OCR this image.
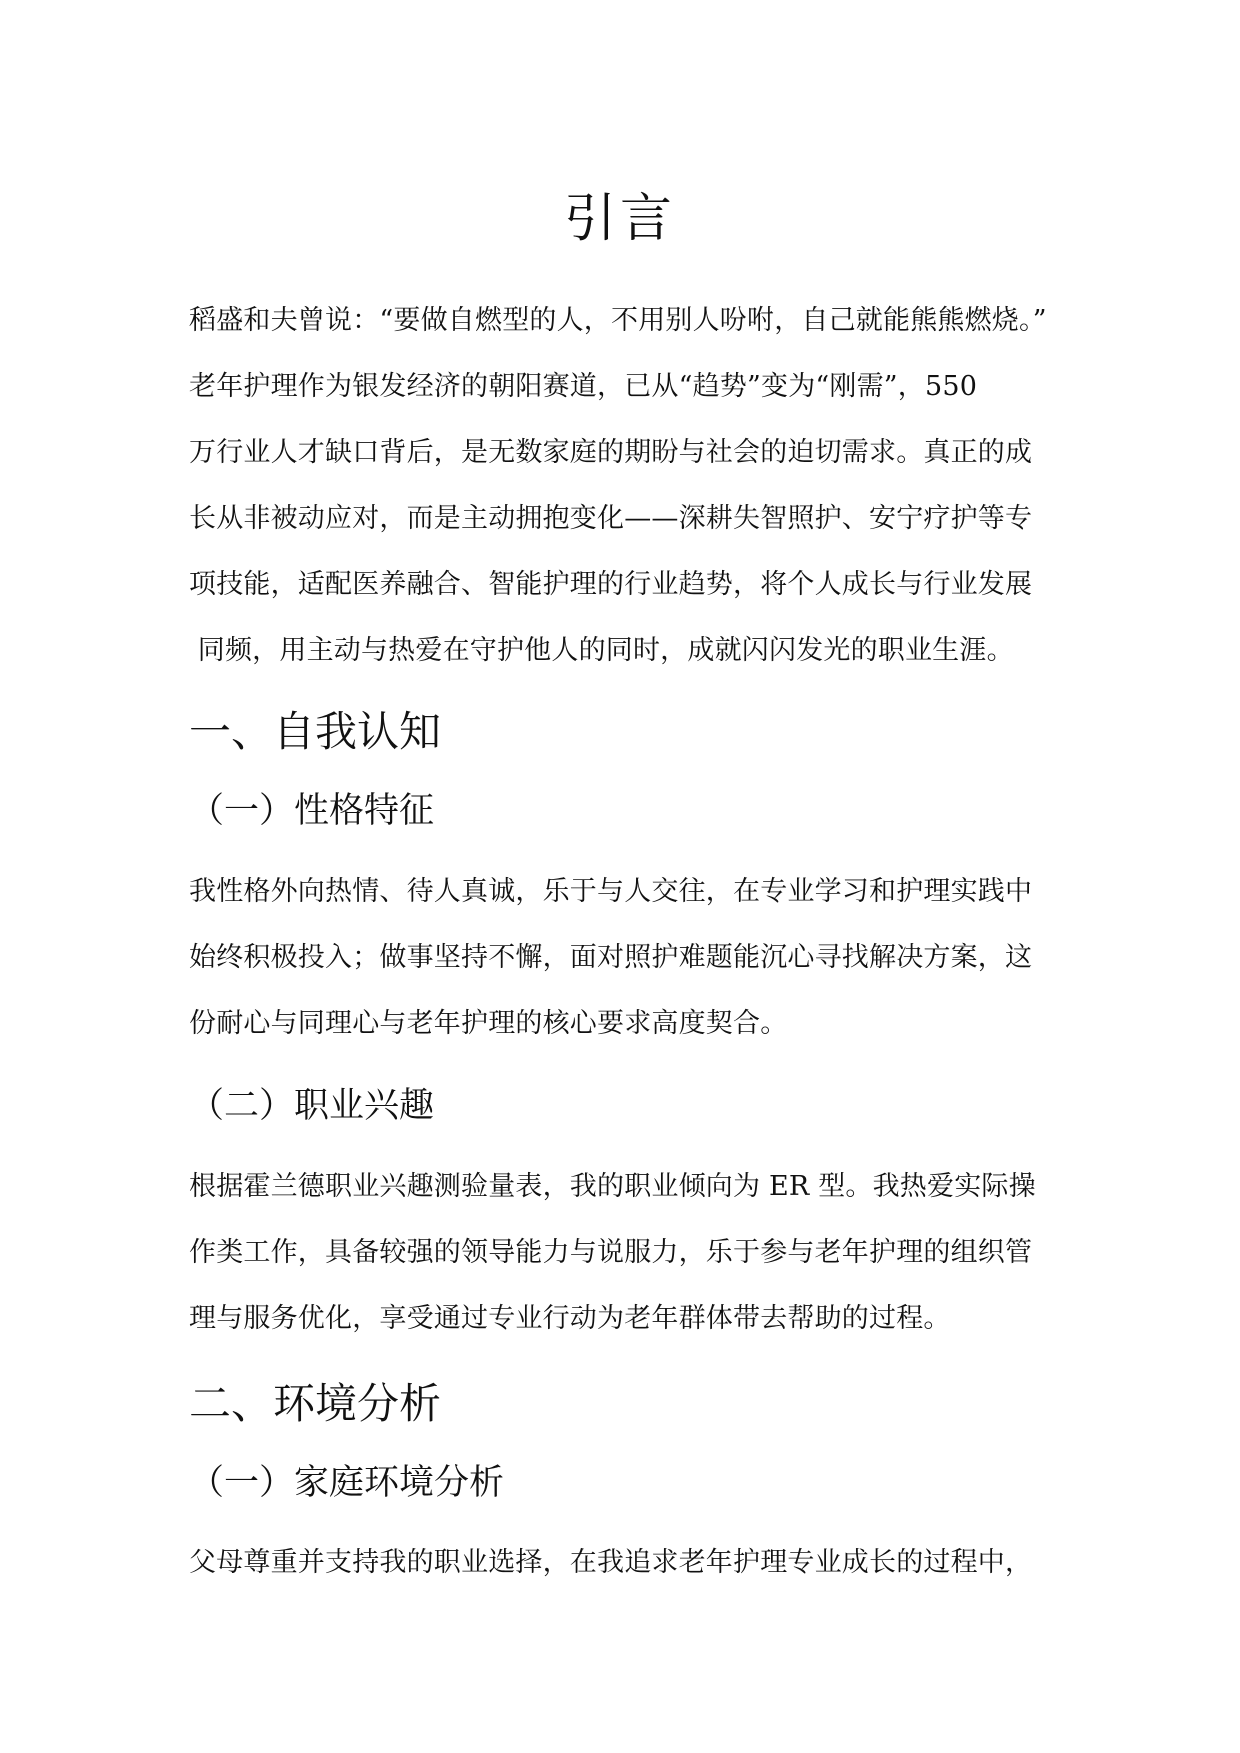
引言
稻盛和夫曾说：“要做自燃型的人，不用别人吩咐，自己就能熊熊燃烧。”
老年护理作为银发经济的朝阳赛道，已从“趋势”变为“刚需”，550
万行业人才缺口背后，是无数家庭的期盼与社会的迫切需求。真正的成
长从非被动应对，而是主动拥抱变化——深耕失智照护、安宁疗护等专
项技能，适配医养融合、智能护理的行业趋势，将个人成长与行业发展
同频，用主动与热爱在守护他人的同时，成就闪闪发光的职业生涯。
一、自我认知
（一）性格特征
我性格外向热情、待人真诚，乐于与人交往，在专业学习和护理实践中
始终积极投入；做事坚持不懈，面对照护难题能沉心寻找解决方案，这
份耐心与同理心与老年护理的核心要求高度契合。
（二）职业兴趣
根据霍兰德职业兴趣测验量表，我的职业倾向为 ER 型。我热爱实际操
作类工作，具备较强的领导能力与说服力，乐于参与老年护理的组织管
理与服务优化，享受通过专业行动为老年群体带去帮助的过程。
二、环境分析
（一）家庭环境分析
父母尊重并支持我的职业选择，在我追求老年护理专业成长的过程中，
